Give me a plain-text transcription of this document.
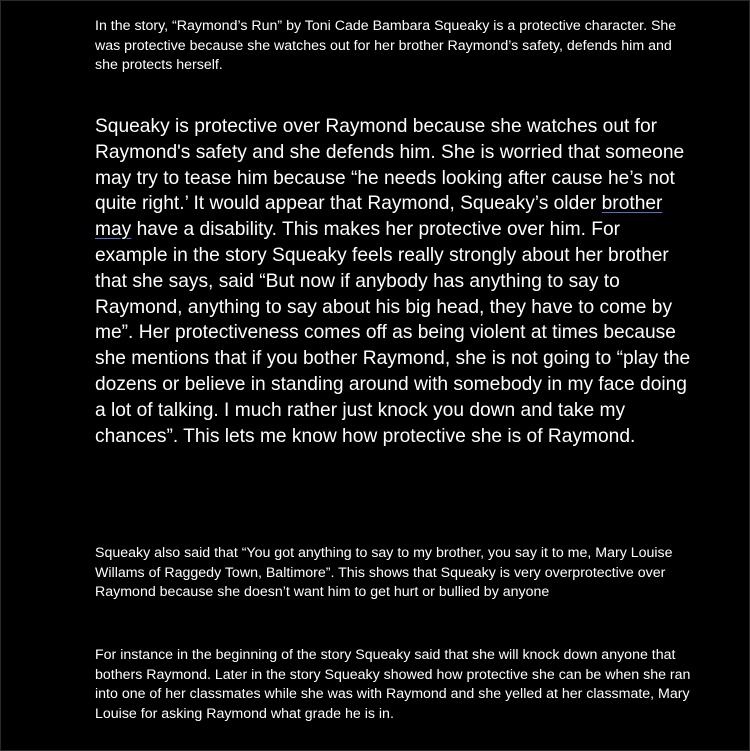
In the story, “Raymond’s Run” by Toni Cade Bambara Squeaky is a protective character. She was protective because she watches out for her brother Raymond’s safety, defends him and she protects herself.

Squeaky is protective over Raymond because she watches out for Raymond's safety and she defends him. She is worried that someone may try to tease him because “he needs looking after cause he’s not quite right.’ It would appear that Raymond, Squeaky’s older brother may have a disability. This makes her protective over him. For example in the story Squeaky feels really strongly about her brother that she says, said “But now if anybody has anything to say to Raymond, anything to say about his big head, they have to come by me”. Her protectiveness comes off as being violent at times because she mentions that if you bother Raymond, she is not going to “play the dozens or believe in standing around with somebody in my face doing a lot of talking. I much rather just knock you down and take my chances”. This lets me know how protective she is of Raymond.

Squeaky also said that “You got anything to say to my brother, you say it to me, Mary Louise Willams of Raggedy Town, Baltimore”. This shows that Squeaky is very overprotective over Raymond because she doesn’t want him to get hurt or bullied by anyone

For instance in the beginning of the story Squeaky said that she will knock down anyone that bothers Raymond. Later in the story Squeaky showed how protective she can be when she ran into one of her classmates while she was with Raymond and she yelled at her classmate, Mary Louise for asking Raymond what grade he is in.
